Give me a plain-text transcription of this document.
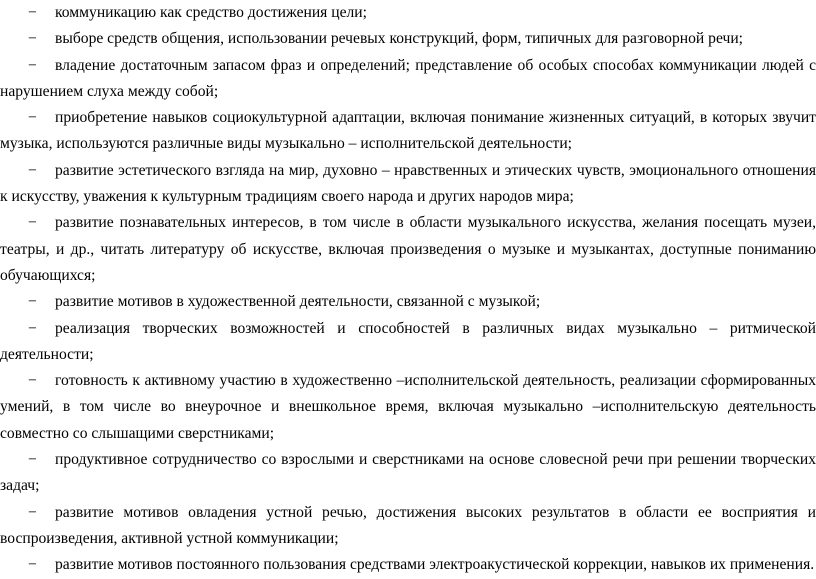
− коммуникацию как средство достижения цели;

− выборе средств общения, использовании речевых конструкций, форм, типичных для разговорной речи;

− владение достаточным запасом фраз и определений; представление об особых способах коммуникации людей с нарушением слуха между собой;

− приобретение навыков социокультурной адаптации, включая понимание жизненных ситуаций, в которых звучит музыка, используются различные виды музыкально – исполнительской деятельности;

− развитие эстетического взгляда на мир, духовно – нравственных и этических чувств, эмоционального отношения к искусству, уважения к культурным традициям своего народа и других народов мира;

− развитие познавательных интересов, в том числе в области музыкального искусства, желания посещать музеи, театры, и др., читать литературу об искусстве, включая произведения о музыке и музыкантах, доступные пониманию обучающихся;

− развитие мотивов в художественной деятельности, связанной с музыкой;

− реализация творческих возможностей и способностей в различных видах музыкально – ритмической деятельности;

− готовность к активному участию в художественно –исполнительской деятельность, реализации сформированных умений, в том числе во внеурочное и внешкольное время, включая музыкально –исполнительскую деятельность совместно со слышащими сверстниками;

− продуктивное сотрудничество со взрослыми и сверстниками на основе словесной речи при решении творческих задач;

− развитие мотивов овладения устной речью, достижения высоких результатов в области ее восприятия и воспроизведения, активной устной коммуникации;

− развитие мотивов постоянного пользования средствами электроакустической коррекции, навыков их применения.
